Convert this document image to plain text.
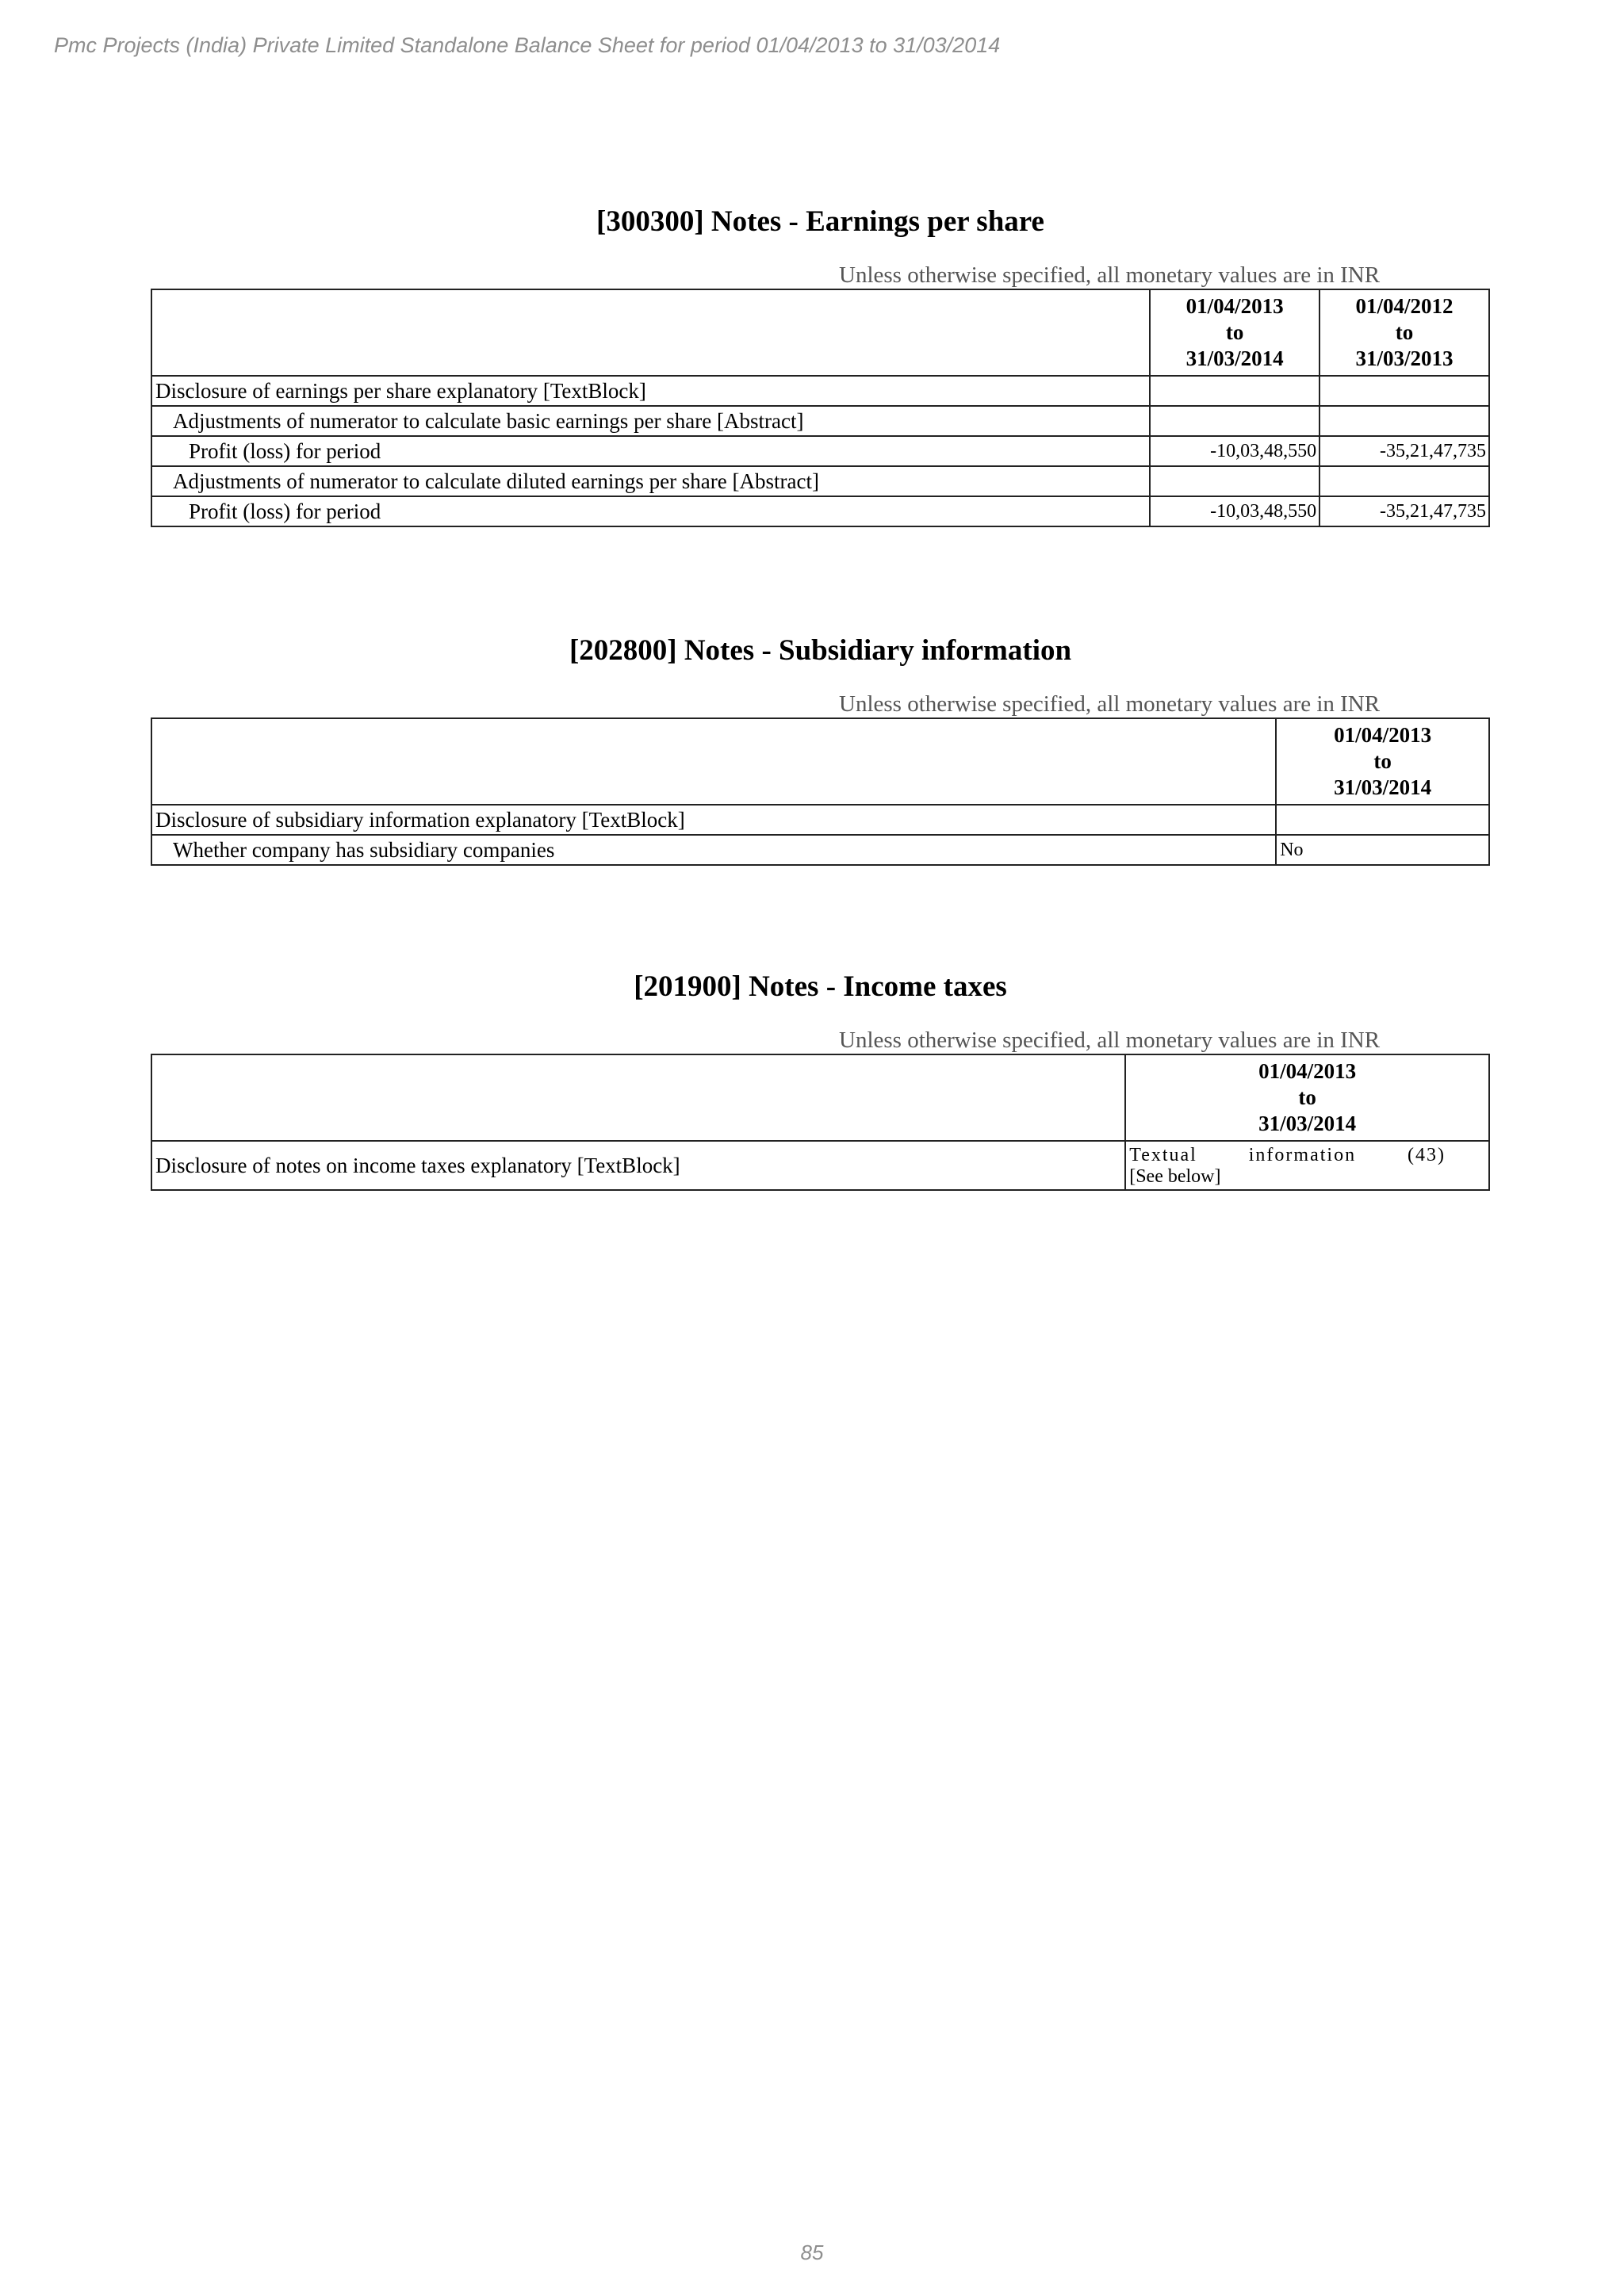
Pmc Projects (India) Private Limited Standalone Balance Sheet for period 01/04/2013 to 31/03/2014
[300300] Notes - Earnings per share
Unless otherwise specified, all monetary values are in INR

	01/04/2013
to
31/03/2014	01/04/2012
to
31/03/2013

Disclosure of earnings per share explanatory [TextBlock]		
Adjustments of numerator to calculate basic earnings per share [Abstract]		
Profit (loss) for period	-10,03,48,550	-35,21,47,735
Adjustments of numerator to calculate diluted earnings per share [Abstract]		
Profit (loss) for period	-10,03,48,550	-35,21,47,735
[202800] Notes - Subsidiary information
Unless otherwise specified, all monetary values are in INR

	01/04/2013
to
31/03/2014

Disclosure of subsidiary information explanatory [TextBlock]	
Whether company has subsidiary companies	No
[201900] Notes - Income taxes
Unless otherwise specified, all monetary values are in INR

	01/04/2013
to
31/03/2014

Disclosure of notes on income taxes explanatory [TextBlock]	Textual information (43)
[See below]
85
